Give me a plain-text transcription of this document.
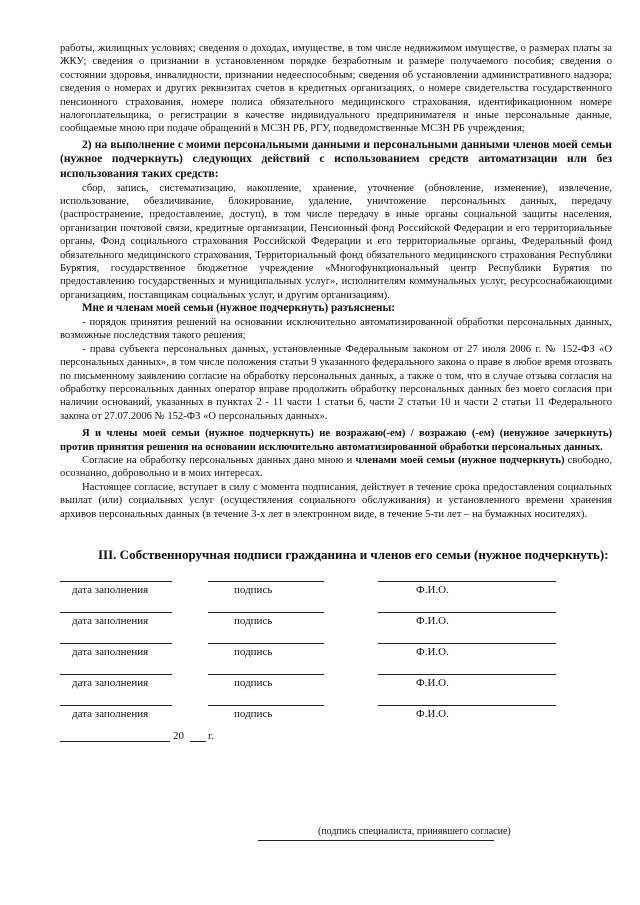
работы, жилищных условиях; сведения о доходах, имуществе, в том числе недвижимом имуществе, о размерах платы за ЖКУ; сведения о признании в установленном порядке безработным и размере получаемого пособия; сведения о состоянии здоровья, инвалидности, признании недееспособным; сведения об установлении административного надзора; сведения о номерах и других реквизитах счетов в кредитных организациях, о номере свидетельства государственного пенсионного страхования, номере полиса обязательного медицинского страхования, идентификационном номере налогоплательщика, о регистрации в качестве индивидуального предпринимателя и иные персональные данные, сообщаемые мною при подаче обращений в МСЗН РБ, РГУ, подведомственные МСЗН РБ учреждения;

2) на выполнение с моими персональными данными и персональными данными членов моей семьи (нужное подчеркнуть) следующих действий с использованием средств автоматизации или без использования таких средств:

сбор, запись, систематизацию, накопление, хранение, уточнение (обновление, изменение), извлечение, использование, обезличивание, блокирование, удаление, уничтожение персональных данных, передачу (распространение, предоставление, доступ), в том числе передачу в иные органы социальной защиты населения, организации почтовой связи, кредитные организации, Пенсионный фонд Российской Федерации и его территориальные органы, Фонд социального страхования Российской Федерации и его территориальные органы, Федеральный фонд обязательного медицинского страхования, Территориальный фонд обязательного медицинского страхования Республики Бурятия, государственное бюджетное учреждение «Многофункциональный центр Республики Бурятия по предоставлению государственных и муниципальных услуг», исполнителям коммунальных услуг, ресурсоснабжающими организациям, поставщикам социальных услуг, и другим организациям).

Мне и членам моей семьи (нужное подчеркнуть) разъяснены:

- порядок принятия решений на основании исключительно автоматизированной обработки персональных данных, возможные последствия такого решения;

- права субъекта персональных данных, установленные Федеральным законом от 27 июля 2006 г. № 152-ФЗ «О персональных данных», в том числе положения статьи 9 указанного федерального закона о праве в любое время отозвать по письменному заявлению согласие на обработку персональных данных, а также о том, что в случае отзыва согласия на обработку персональных данных оператор вправе продолжить обработку персональных данных без моего согласия при наличии оснований, указанных в пунктах 2 - 11 части 1 статьи 6, части 2 статьи 10 и части 2 статьи 11 Федерального закона от 27.07.2006 № 152-ФЗ «О персональных данных».

Я и члены моей семьи (нужное подчеркнуть) не возражаю(-ем) / возражаю (-ем) (ненужное зачеркнуть) против принятия решения на основании исключительно автоматизированной обработки персональных данных.

Согласие на обработку персональных данных дано мною и членами моей семьи (нужное подчеркнуть) свободно, осознанно, добровольно и в моих интересах.

Настоящее согласие, вступает в силу с момента подписания, действует в течение срока предоставления социальных выплат (или) социальных услуг (осуществления социального обслуживания) и установленного времени хранения архивов персональных данных (в течение 3-х лет в электронном виде, в течение 5-ти лет – на бумажных носителях).

III. Собственноручная подписи гражданина и членов его семьи (нужное подчеркнуть):
дата заполнения	подпись	Ф.И.О.
дата заполнения	подпись	Ф.И.О.
дата заполнения	подпись	Ф.И.О.
дата заполнения	подпись	Ф.И.О.
дата заполнения	подпись	Ф.И.О.
20 г.
(подпись специалиста, принявшего согласие)
